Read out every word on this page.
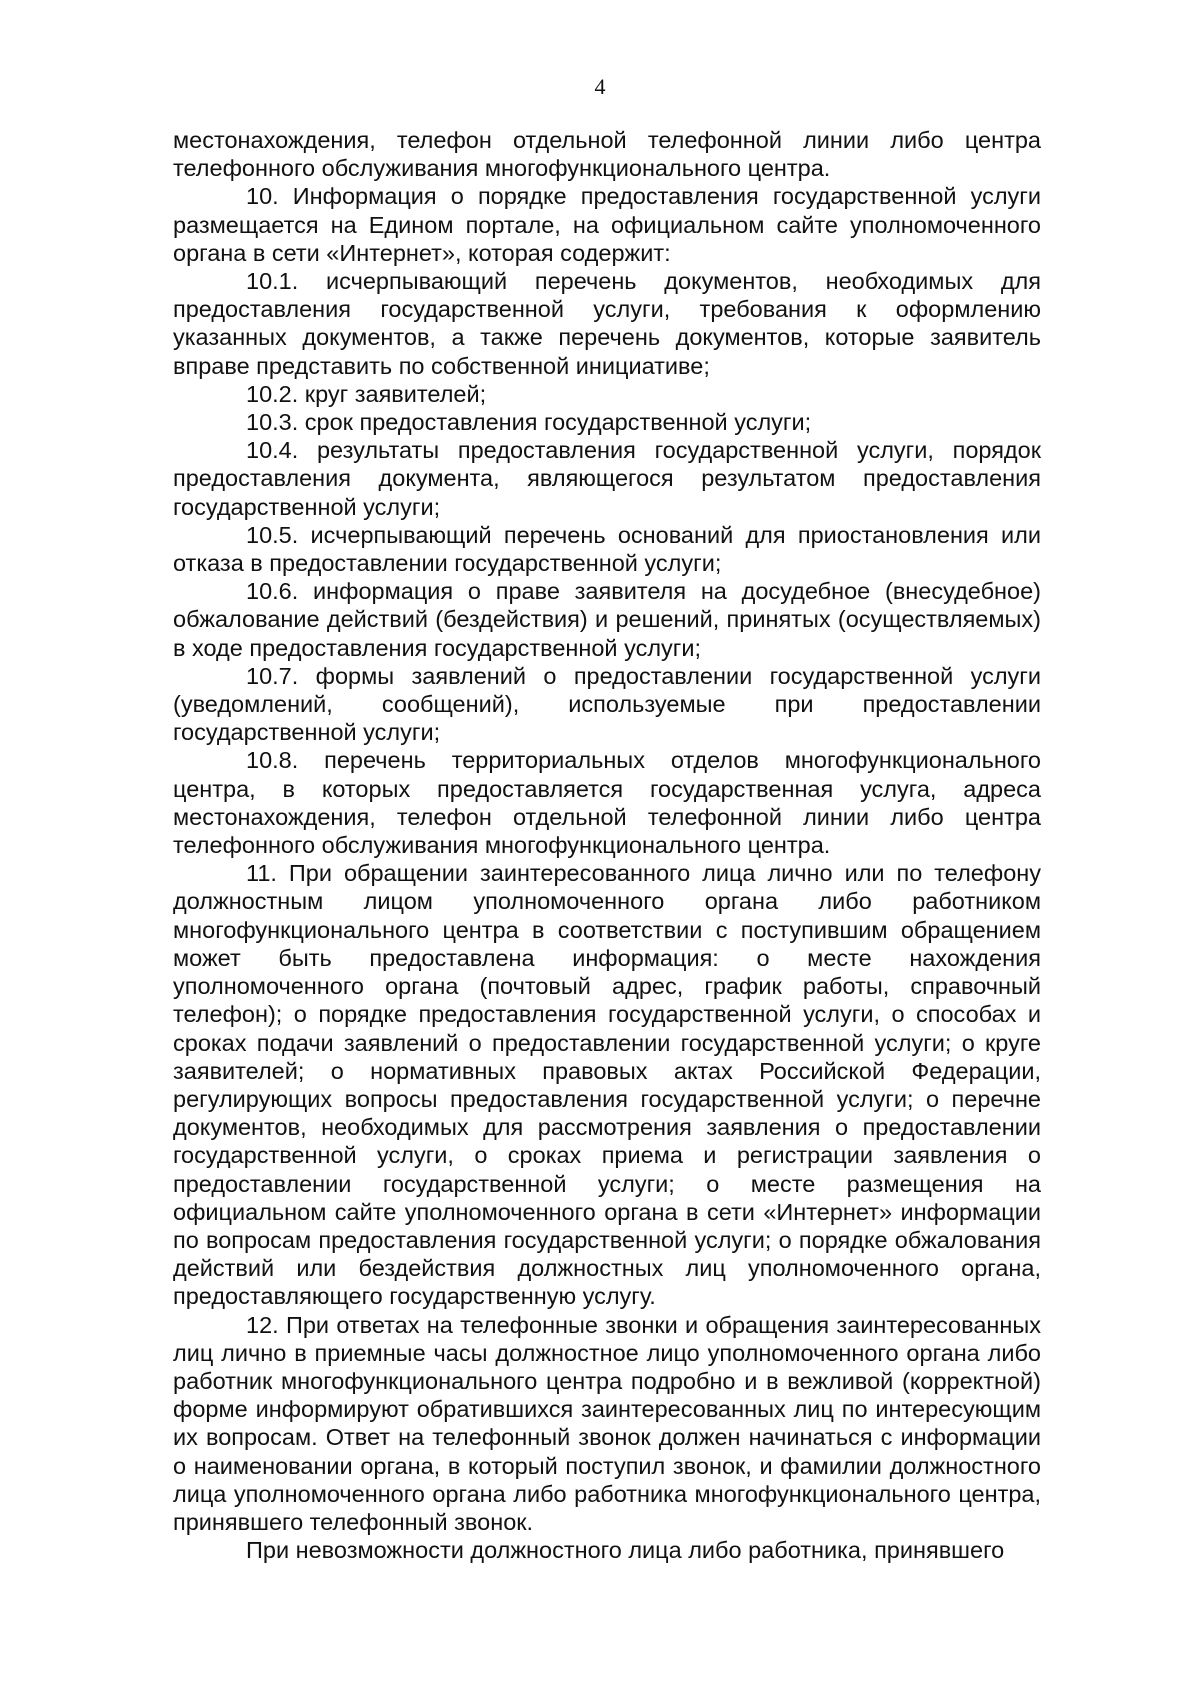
4

местонахождения, телефон отдельной телефонной линии либо центра телефонного обслуживания многофункционального центра.

10. Информация о порядке предоставления государственной услуги размещается на Едином портале, на официальном сайте уполномоченного органа в сети «Интернет», которая содержит:

10.1. исчерпывающий перечень документов, необходимых для предоставления государственной услуги, требования к оформлению указанных документов, а также перечень документов, которые заявитель вправе представить по собственной инициативе;

10.2. круг заявителей;

10.3. срок предоставления государственной услуги;

10.4. результаты предоставления государственной услуги, порядок предоставления документа, являющегося результатом предоставления государственной услуги;

10.5. исчерпывающий перечень оснований для приостановления или отказа в предоставлении государственной услуги;

10.6. информация о праве заявителя на досудебное (внесудебное) обжалование действий (бездействия) и решений, принятых (осуществляемых) в ходе предоставления государственной услуги;

10.7. формы заявлений о предоставлении государственной услуги (уведомлений, сообщений), используемые при предоставлении государственной услуги;

10.8. перечень территориальных отделов многофункционального центра, в которых предоставляется государственная услуга, адреса местонахождения, телефон отдельной телефонной линии либо центра телефонного обслуживания многофункционального центра.

11. При обращении заинтересованного лица лично или по телефону должностным лицом уполномоченного органа либо работником многофункционального центра в соответствии с поступившим обращением может быть предоставлена информация: о месте нахождения уполномоченного органа (почтовый адрес, график работы, справочный телефон); о порядке предоставления государственной услуги, о способах и сроках подачи заявлений о предоставлении государственной услуги; о круге заявителей; о нормативных правовых актах Российской Федерации, регулирующих вопросы предоставления государственной услуги; о перечне документов, необходимых для рассмотрения заявления о предоставлении государственной услуги, о сроках приема и регистрации заявления о предоставлении государственной услуги; о месте размещения на официальном сайте уполномоченного органа в сети «Интернет» информации по вопросам предоставления государственной услуги; о порядке обжалования действий или бездействия должностных лиц уполномоченного органа, предоставляющего государственную услугу.

12. При ответах на телефонные звонки и обращения заинтересованных лиц лично в приемные часы должностное лицо уполномоченного органа либо работник многофункционального центра подробно и в вежливой (корректной) форме информируют обратившихся заинтересованных лиц по интересующим их вопросам. Ответ на телефонный звонок должен начинаться с информации о наименовании органа, в который поступил звонок, и фамилии должностного лица уполномоченного органа либо работника многофункционального центра, принявшего телефонный звонок.

При невозможности должностного лица либо работника, принявшего
